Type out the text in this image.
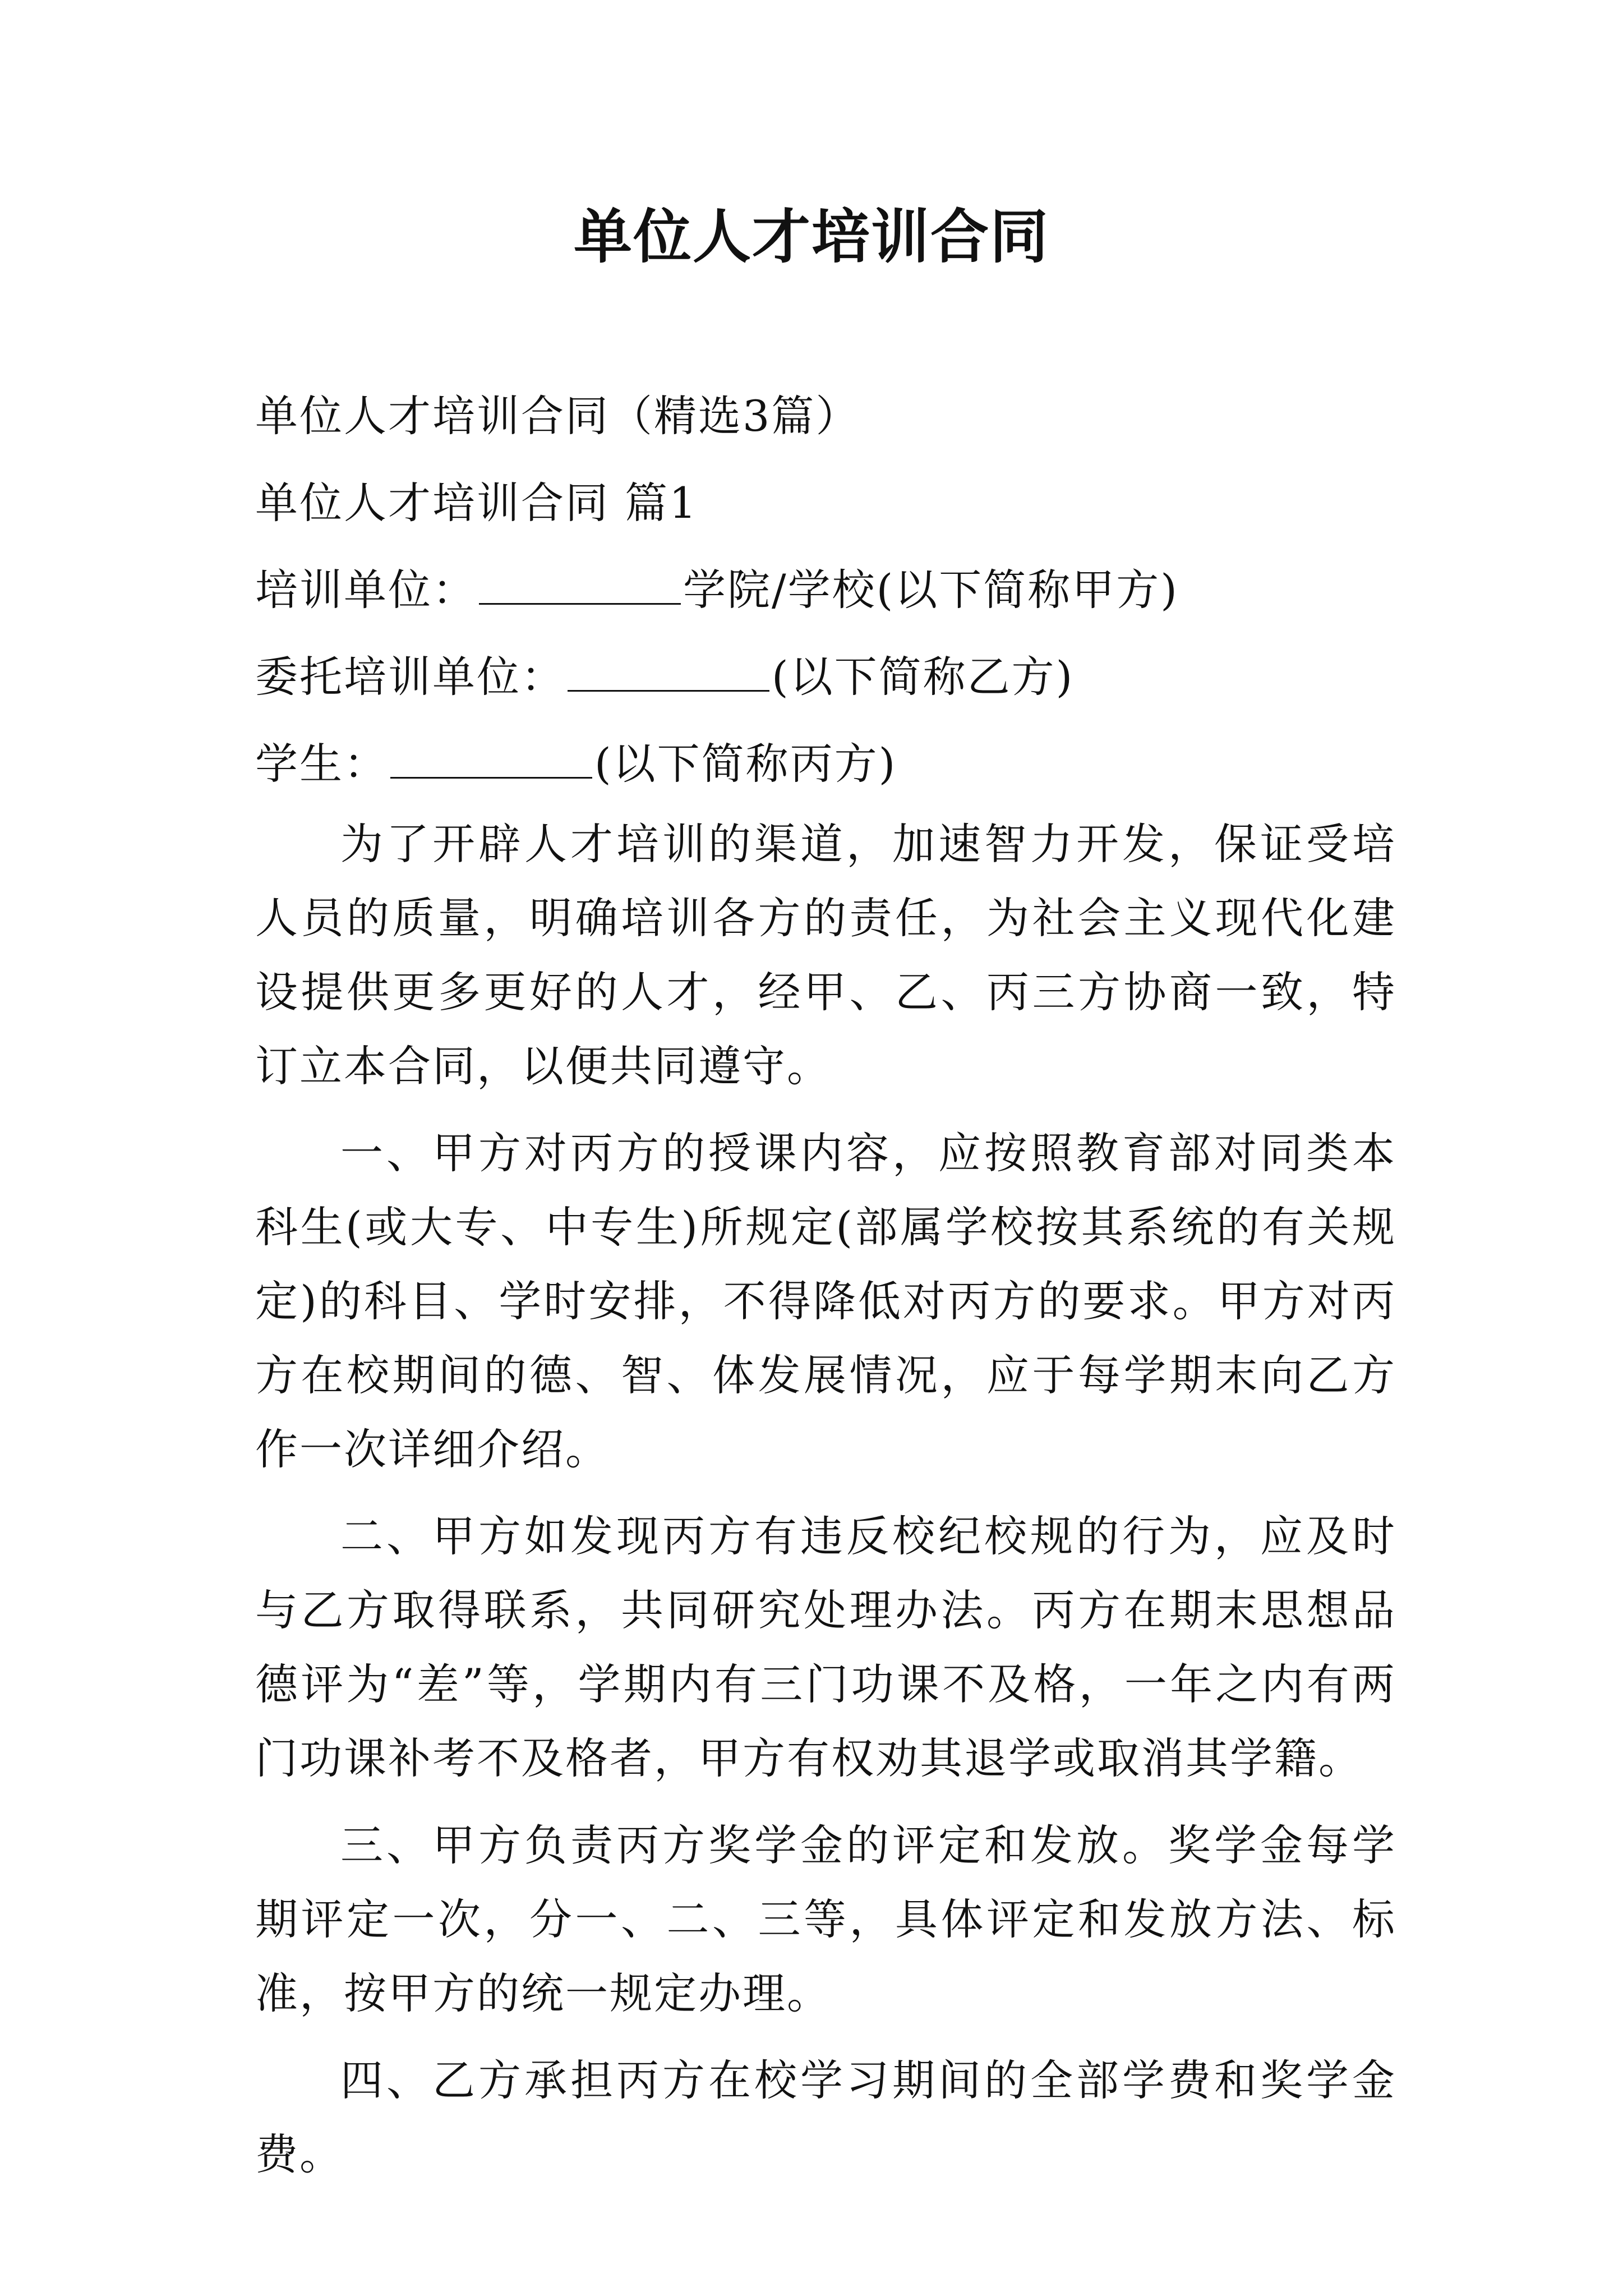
单位人才培训合同

单位人才培训合同（精选3篇）

单位人才培训合同 篇1

培训单位：	学院/学校(以下简称甲方)

委托培训单位：	(以下简称乙方)

学生：	(以下简称丙方)

为了开辟人才培训的渠道，加速智力开发，保证受培人员的质量，明确培训各方的责任，为社会主义现代化建设提供更多更好的人才，经甲、乙、丙三方协商一致，特订立本合同，以便共同遵守。

一、甲方对丙方的授课内容，应按照教育部对同类本科生(或大专、中专生)所规定(部属学校按其系统的有关规定)的科目、学时安排，不得降低对丙方的要求。甲方对丙方在校期间的德、智、体发展情况，应于每学期末向乙方作一次详细介绍。

二、甲方如发现丙方有违反校纪校规的行为，应及时与乙方取得联系，共同研究处理办法。丙方在期末思想品德评为“差”等，学期内有三门功课不及格，一年之内有两门功课补考不及格者，甲方有权劝其退学或取消其学籍。

三、甲方负责丙方奖学金的评定和发放。奖学金每学期评定一次，分一、二、三等，具体评定和发放方法、标准，按甲方的统一规定办理。

四、乙方承担丙方在校学习期间的全部学费和奖学金费。
